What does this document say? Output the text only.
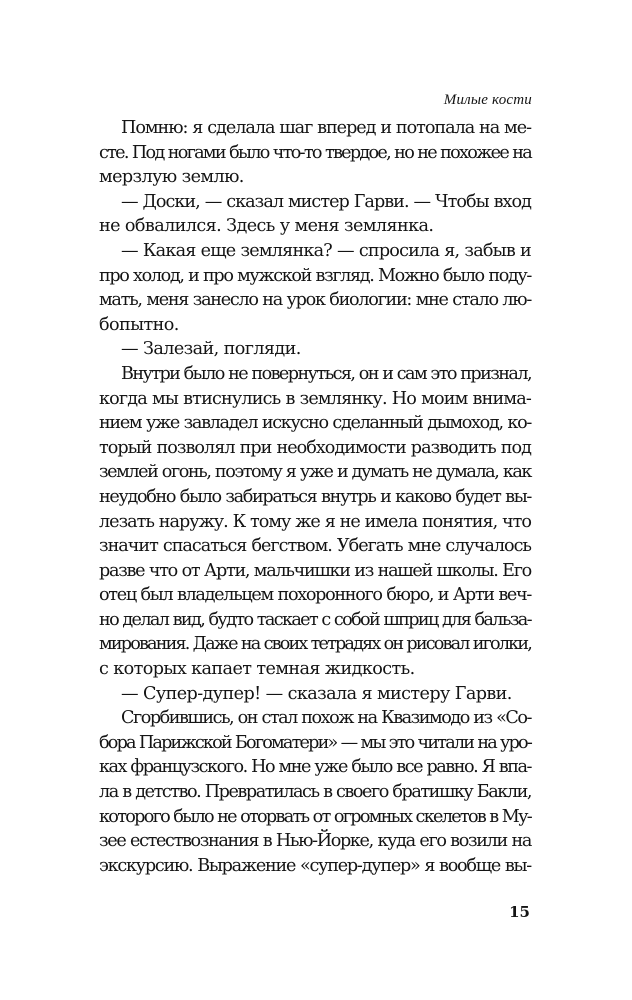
Милые кости
Помню: я сделала шаг вперед и потопала на ме-
сте. Под ногами было что-то твердое, но не похожее на
мерзлую землю.
— Доски, — сказал мистер Гарви. — Чтобы вход
не обвалился. Здесь у меня землянка.
— Какая еще землянка? — спросила я, забыв и
про холод, и про мужской взгляд. Можно было поду-
мать, меня занесло на урок биологии: мне стало лю-
бопытно.
— Залезай, погляди.
Внутри было не повернуться, он и сам это признал,
когда мы втиснулись в землянку. Но моим внима-
нием уже завладел искусно сделанный дымоход, ко-
торый позволял при необходимости разводить под
землей огонь, поэтому я уже и думать не думала, как
неудобно было забираться внутрь и каково будет вы-
лезать наружу. К тому же я не имела понятия, что
значит спасаться бегством. Убегать мне случалось
разве что от Арти, мальчишки из нашей школы. Его
отец был владельцем похоронного бюро, и Арти веч-
но делал вид, будто таскает с собой шприц для бальза-
мирования. Даже на своих тетрадях он рисовал иголки,
с которых капает темная жидкость.
— Супер-дупер! — сказала я мистеру Гарви.
Сгорбившись, он стал похож на Квазимодо из «Со-
бора Парижской Богоматери» — мы это читали на уро-
ках французского. Но мне уже было все равно. Я впа-
ла в детство. Превратилась в своего братишку Бакли,
которого было не оторвать от огромных скелетов в Му-
зее естествознания в Нью-Йорке, куда его возили на
экскурсию. Выражение «супер-дупер» я вообще вы-
15
